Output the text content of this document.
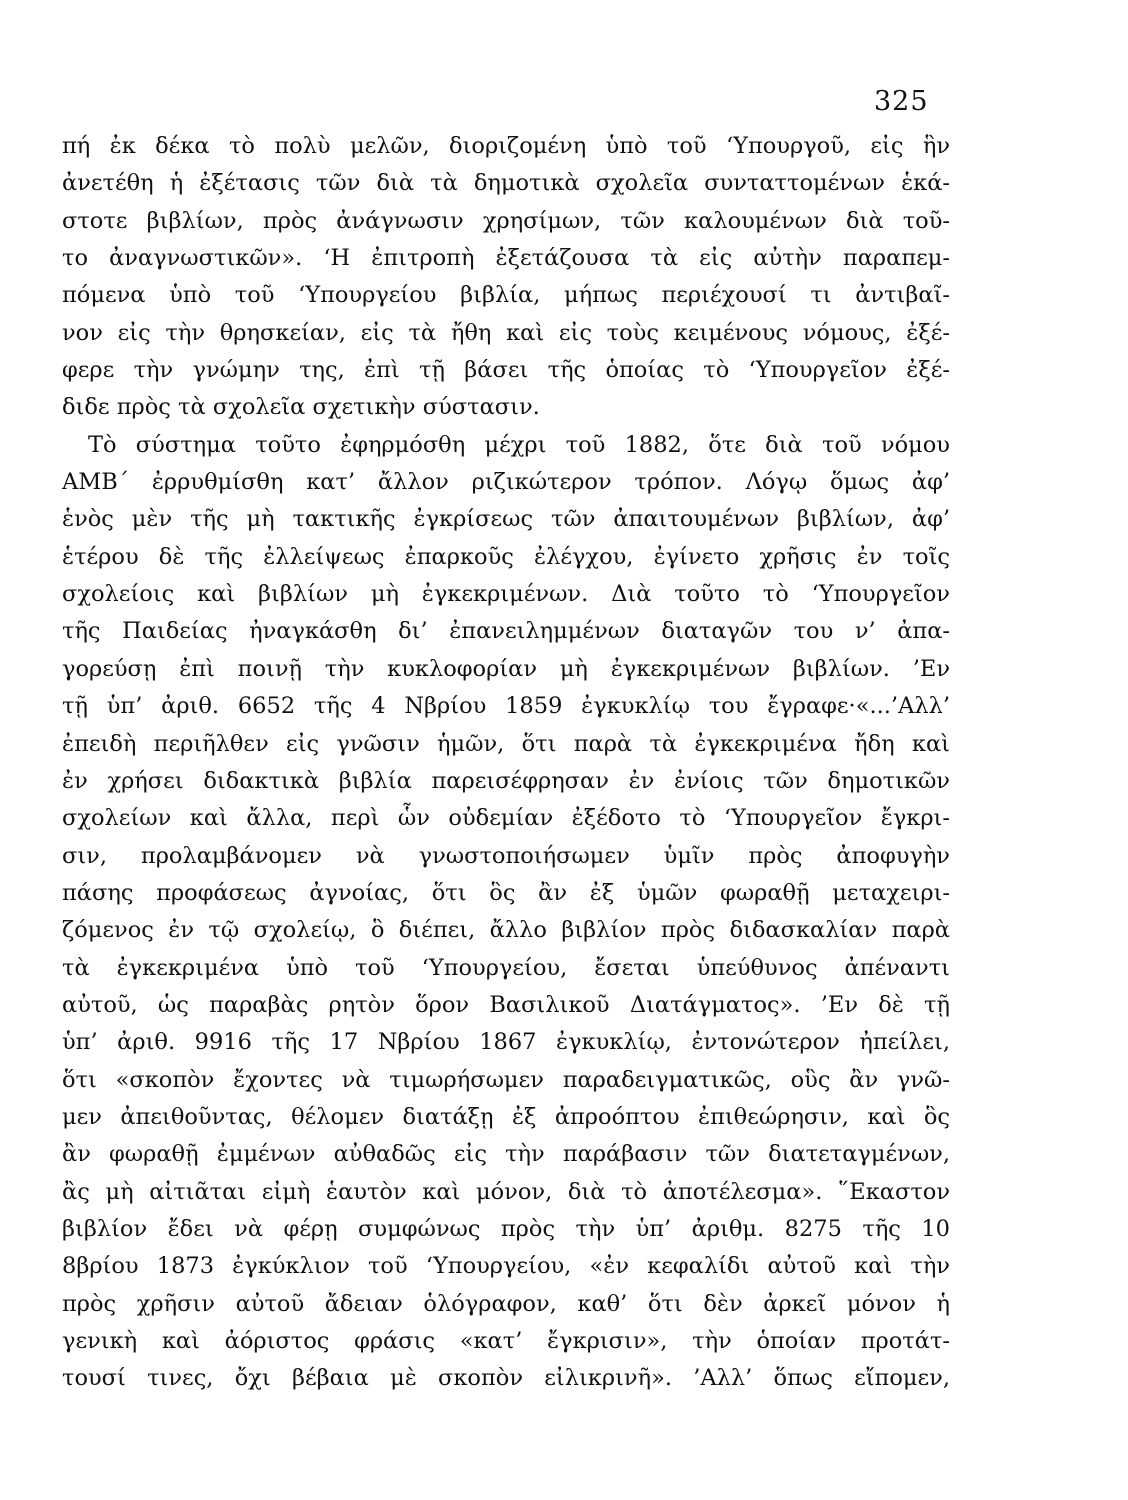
325
πή ἐκ δέκα τὸ πολὺ μελῶν, διοριζομένη ὑπὸ τοῦ ‘Υπουργοῦ, εἰς ἣν
ἀνετέθη ἡ ἐξέτασις τῶν διὰ τὰ δημοτικὰ σχολεῖα συνταττομένων ἑκά-
στοτε βιβλίων, πρὸς ἀνάγνωσιν χρησίμων, τῶν καλουμένων διὰ τοῦ-
το ἀναγνωστικῶν». ‘Η ἐπιτροπὴ ἐξετάζουσα τὰ εἰς αὐτὴν παραπεμ-
πόμενα ὑπὸ τοῦ ‘Υπουργείου βιβλία, μήπως περιέχουσί τι ἀντιβαῖ-
νον εἰς τὴν θρησκείαν, εἰς τὰ ἤθη καὶ εἰς τοὺς κειμένους νόμους, ἐξέ-
φερε τὴν γνώμην της, ἐπὶ τῇ βάσει τῆς ὁποίας τὸ ‘Υπουργεῖον ἐξέ-
διδε πρὸς τὰ σχολεῖα σχετικὴν σύστασιν.
Τὸ σύστημα τοῦτο ἐφηρμόσθη μέχρι τοῦ 1882, ὅτε διὰ τοῦ νόμου
ΑΜΒ΄ ἐρρυθμίσθη κατ’ ἄλλον ριζικώτερον τρόπον. Λόγῳ ὅμως ἀφ’
ἑνὸς μὲν τῆς μὴ τακτικῆς ἐγκρίσεως τῶν ἀπαιτουμένων βιβλίων, ἀφ’
ἑτέρου δὲ τῆς ἐλλείψεως ἐπαρκοῦς ἐλέγχου, ἐγίνετο χρῆσις ἐν τοῖς
σχολείοις καὶ βιβλίων μὴ ἐγκεκριμένων. Διὰ τοῦτο τὸ ‘Υπουργεῖον
τῆς Παιδείας ἠναγκάσθη δι’ ἐπανειλημμένων διαταγῶν του ν’ ἀπα-
γορεύσῃ ἐπὶ ποινῇ τὴν κυκλοφορίαν μὴ ἐγκεκριμένων βιβλίων. ’Εν
τῇ ὑπ’ ἀριθ. 6652 τῆς 4 Νβρίου 1859 ἐγκυκλίῳ του ἔγραφε·«...’Αλλ’
ἐπειδὴ περιῆλθεν εἰς γνῶσιν ἡμῶν, ὅτι παρὰ τὰ ἐγκεκριμένα ἤδη καὶ
ἐν χρήσει διδακτικὰ βιβλία παρεισέφρησαν ἐν ἐνίοις τῶν δημοτικῶν
σχολείων καὶ ἄλλα, περὶ ὧν οὐδεμίαν ἐξέδοτο τὸ ‘Υπουργεῖον ἔγκρι-
σιν, προλαμβάνομεν νὰ γνωστοποιήσωμεν ὑμῖν πρὸς ἀποφυγὴν
πάσης προφάσεως ἀγνοίας, ὅτι ὃς ἂν ἐξ ὑμῶν φωραθῇ μεταχειρι-
ζόμενος ἐν τῷ σχολείῳ, ὃ διέπει, ἄλλο βιβλίον πρὸς διδασκαλίαν παρὰ
τὰ ἐγκεκριμένα ὑπὸ τοῦ ‘Υπουργείου, ἔσεται ὑπεύθυνος ἀπέναντι
αὐτοῦ, ὡς παραβὰς ρητὸν ὅρον Βασιλικοῦ Διατάγματος». ’Εν δὲ τῇ
ὑπ’ ἀριθ. 9916 τῆς 17 Νβρίου 1867 ἐγκυκλίῳ, ἐντονώτερον ἠπείλει,
ὅτι «σκοπὸν ἔχοντες νὰ τιμωρήσωμεν παραδειγματικῶς, οὓς ἂν γνῶ-
μεν ἀπειθοῦντας, θέλομεν διατάξῃ ἐξ ἀπροόπτου ἐπιθεώρησιν, καὶ ὃς
ἂν φωραθῇ ἐμμένων αὐθαδῶς εἰς τὴν παράβασιν τῶν διατεταγμένων,
ἂς μὴ αἰτιᾶται εἰμὴ ἑαυτὸν καὶ μόνον, διὰ τὸ ἀποτέλεσμα». ῞Εκαστον
βιβλίον ἔδει νὰ φέρῃ συμφώνως πρὸς τὴν ὑπ’ ἀριθμ. 8275 τῆς 10
8βρίου 1873 ἐγκύκλιον τοῦ ‘Υπουργείου, «ἐν κεφαλίδι αὐτοῦ καὶ τὴν
πρὸς χρῆσιν αὐτοῦ ἄδειαν ὁλόγραφον, καθ’ ὅτι δὲν ἀρκεῖ μόνον ἡ
γενικὴ καὶ ἀόριστος φράσις «κατ’ ἔγκρισιν», τὴν ὁποίαν προτάτ-
τουσί τινες, ὄχι βέβαια μὲ σκοπὸν εἰλικρινῆ». ’Αλλ’ ὅπως εἴπομεν,
